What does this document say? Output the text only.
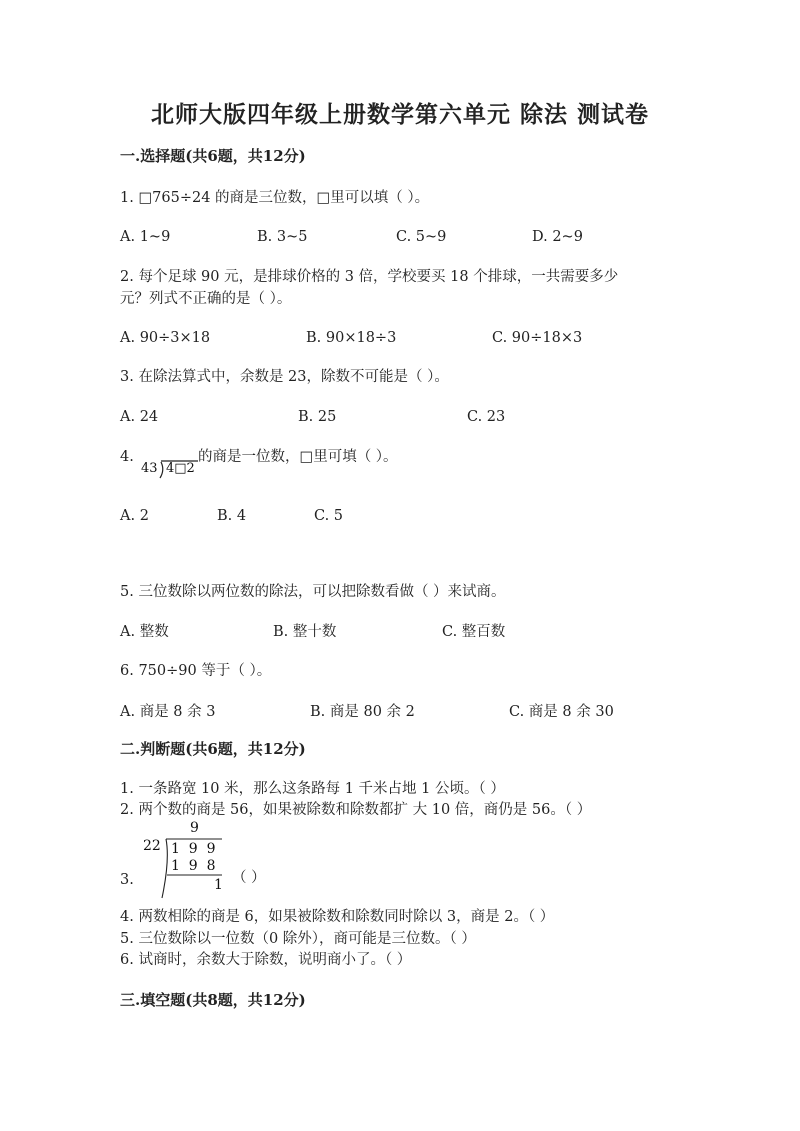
北师大版四年级上册数学第六单元 除法 测试卷
一.选择题(共6题，共12分)
1. □765÷24 的商是三位数，□里可以填（ ）。
A. 1~9	B. 3~5	C. 5~9	D. 2~9
2. 每个足球 90 元，是排球价格的 3 倍，学校要买 18 个排球，一共需要多少
元？列式不正确的是（ ）。
A. 90÷3×18	B. 90×18÷3	C. 90÷18×3
3. 在除法算式中，余数是 23，除数不可能是（ ）。
A. 24	B. 25	C. 23
4.
43 4□2
的商是一位数，□里可填（ ）。
A. 2	B. 4	C. 5
5. 三位数除以两位数的除法，可以把除数看做（ ）来试商。
A. 整数	B. 整十数	C. 整百数
6. 750÷90 等于（ ）。
A. 商是 8 余 3	B. 商是 80 余 2	C. 商是 8 余 30
二.判断题(共6题，共12分)
1. 一条路宽 10 米，那么这条路每 1 千米占地 1 公顷。（ ）
2. 两个数的商是 56，如果被除数和除数都扩 大 10 倍，商仍是 56。（ ）
3.
9
22 1  9  9
1  9  8
1 （ ）
4. 两数相除的商是 6，如果被除数和除数同时除以 3，商是 2。（ ）
5. 三位数除以一位数（0 除外），商可能是三位数。（ ）
6. 试商时，余数大于除数，说明商小了。（ ）
三.填空题(共8题，共12分)
